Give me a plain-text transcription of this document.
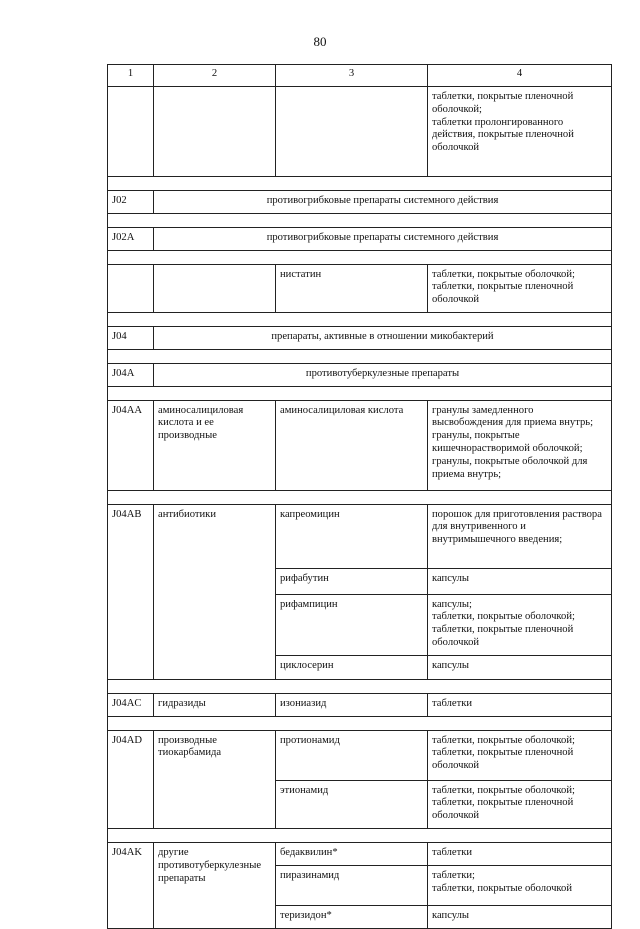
80
1	2	3	4
			таблетки, покрытые пленочной оболочкой;
таблетки пролонгированного действия, покрытые пленочной оболочкой

J02	противогрибковые препараты системного действия		

J02A	противогрибковые препараты системного действия		

		нистатин	таблетки, покрытые оболочкой;
таблетки, покрытые пленочной оболочкой

J04	препараты, активные в отношении микобактерий		

J04A	противотуберкулезные препараты		

J04AA	аминосалициловая кислота и ее производные	аминосалициловая кислота	гранулы замедленного высвобождения для приема внутрь;
гранулы, покрытые кишечнорастворимой оболочкой;
гранулы, покрытые оболочкой для приема внутрь;

J04AB	антибиотики	капреомицин	порошок для приготовления раствора для внутривенного и внутримышечного введения;
		рифабутин	капсулы
		рифампицин	капсулы;
таблетки, покрытые оболочкой;
таблетки, покрытые пленочной оболочкой
		циклосерин	капсулы

J04AC	гидразиды	изониазид	таблетки

J04AD	производные тиокарбамида	протионамид	таблетки, покрытые оболочкой;
таблетки, покрытые пленочной оболочкой
		этионамид	таблетки, покрытые оболочкой;
таблетки, покрытые пленочной оболочкой

J04AK	другие противотуберкулезные препараты	бедаквилин*	таблетки
		пиразинамид	таблетки;
таблетки, покрытые оболочкой
		теризидон*	капсулы
